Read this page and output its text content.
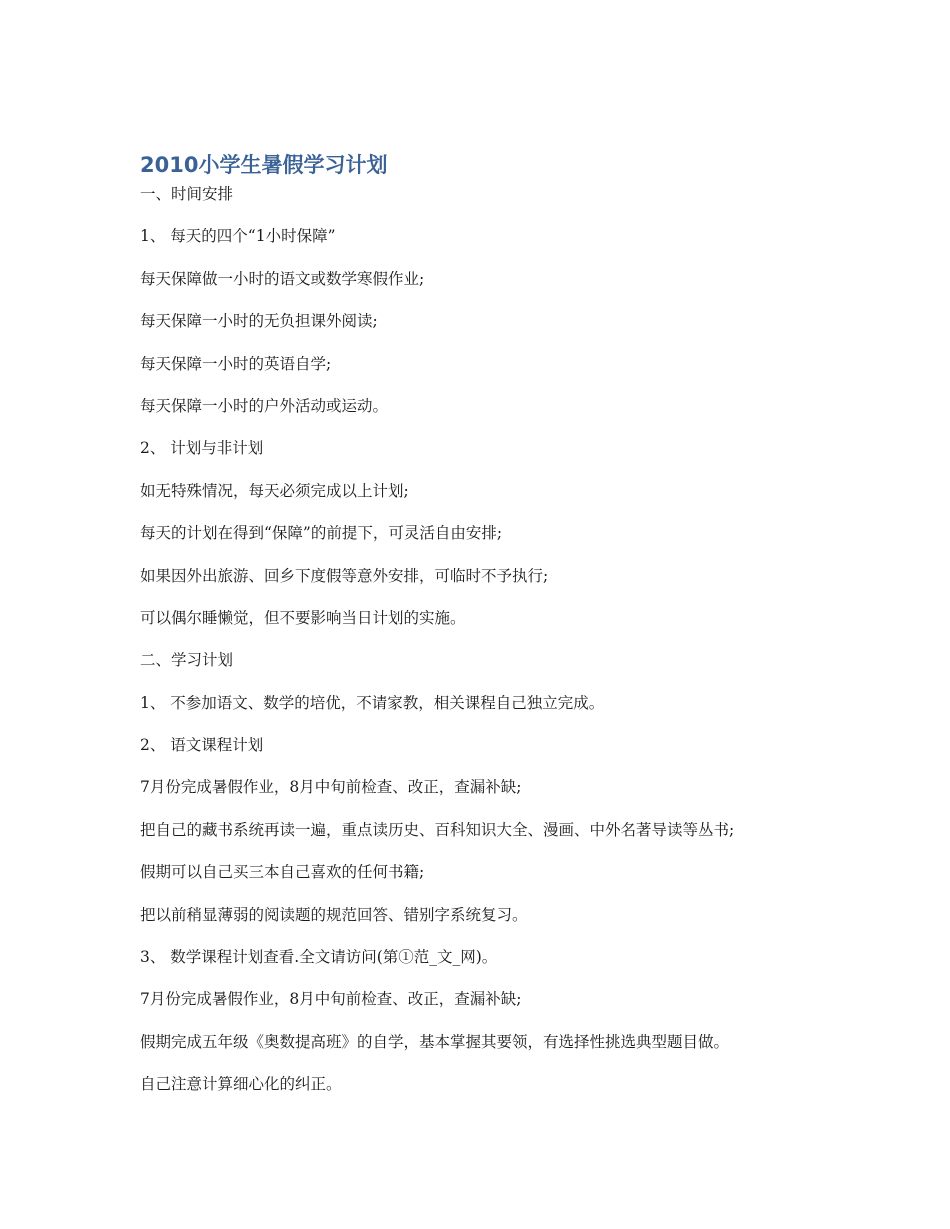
2010小学生暑假学习计划
一、时间安排
1、 每天的四个“1小时保障”
每天保障做一小时的语文或数学寒假作业;
每天保障一小时的无负担课外阅读;
每天保障一小时的英语自学;
每天保障一小时的户外活动或运动。
2、 计划与非计划
如无特殊情况，每天必须完成以上计划;
每天的计划在得到“保障”的前提下，可灵活自由安排;
如果因外出旅游、回乡下度假等意外安排，可临时不予执行;
可以偶尔睡懒觉，但不要影响当日计划的实施。
二、学习计划
1、 不参加语文、数学的培优，不请家教，相关课程自己独立完成。
2、 语文课程计划
7月份完成暑假作业，8月中旬前检查、改正，查漏补缺;
把自己的藏书系统再读一遍，重点读历史、百科知识大全、漫画、中外名著导读等丛书;
假期可以自己买三本自己喜欢的任何书籍;
把以前稍显薄弱的阅读题的规范回答、错别字系统复习。
3、 数学课程计划查看.全文请访问(第①范_文_网)。
7月份完成暑假作业，8月中旬前检查、改正，查漏补缺;
假期完成五年级《奥数提高班》的自学，基本掌握其要领，有选择性挑选典型题目做。
自己注意计算细心化的纠正。
